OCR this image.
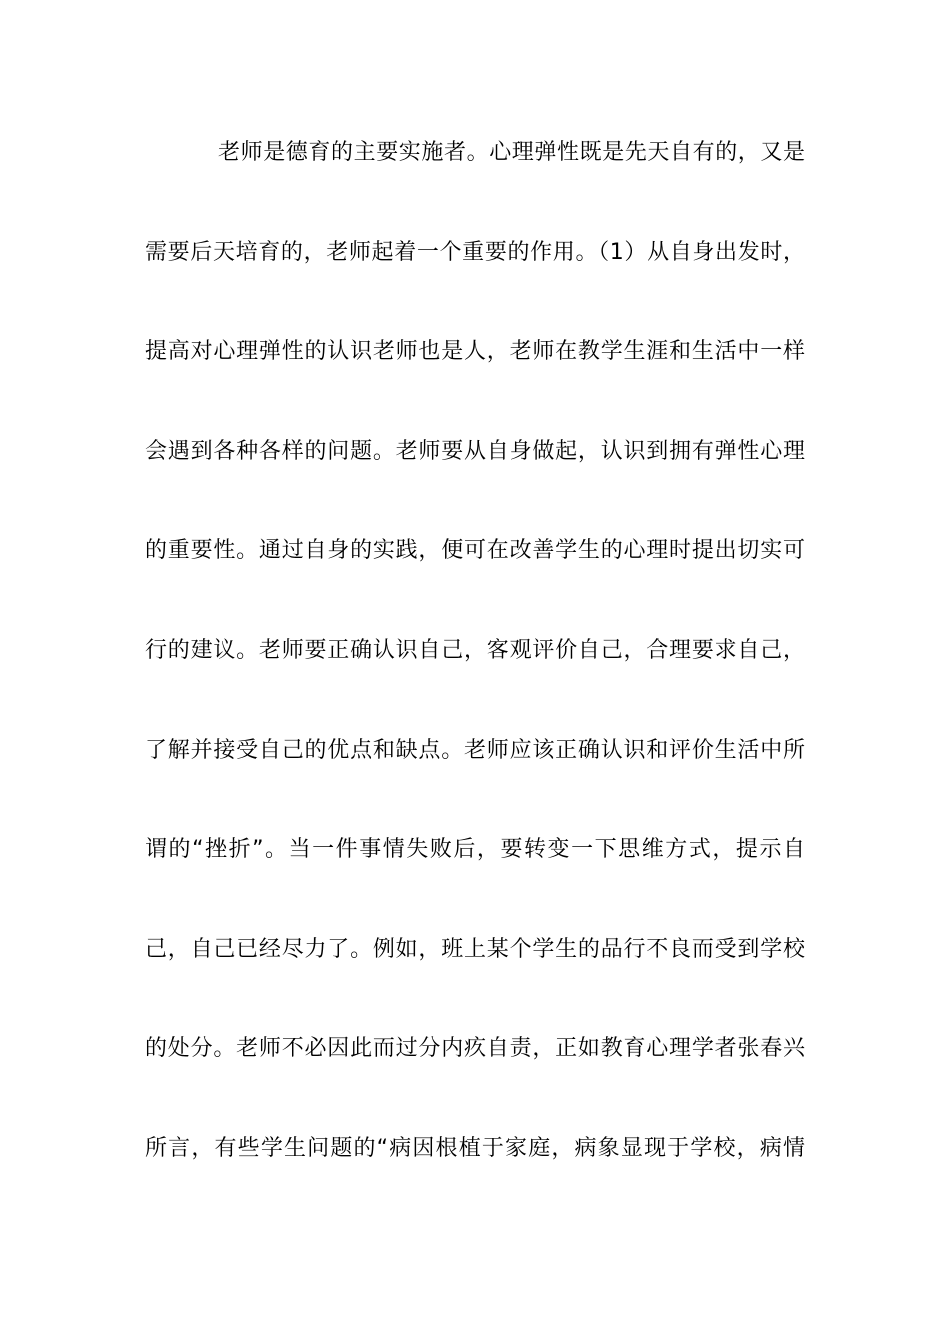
老师是德育的主要实施者。心理弹性既是先天自有的，又是
需要后天培育的，老师起着一个重要的作用。（1）从自身出发时，
提高对心理弹性的认识老师也是人，老师在教学生涯和生活中一样
会遇到各种各样的问题。老师要从自身做起，认识到拥有弹性心理
的重要性。通过自身的实践，便可在改善学生的心理时提出切实可
行的建议。老师要正确认识自己，客观评价自己，合理要求自己，
了解并接受自己的优点和缺点。老师应该正确认识和评价生活中所
谓的“挫折”。当一件事情失败后，要转变一下思维方式，提示自
己，自己已经尽力了。例如，班上某个学生的品行不良而受到学校
的处分。老师不必因此而过分内疚自责，正如教育心理学者张春兴
所言，有些学生问题的“病因根植于家庭，病象显现于学校，病情
